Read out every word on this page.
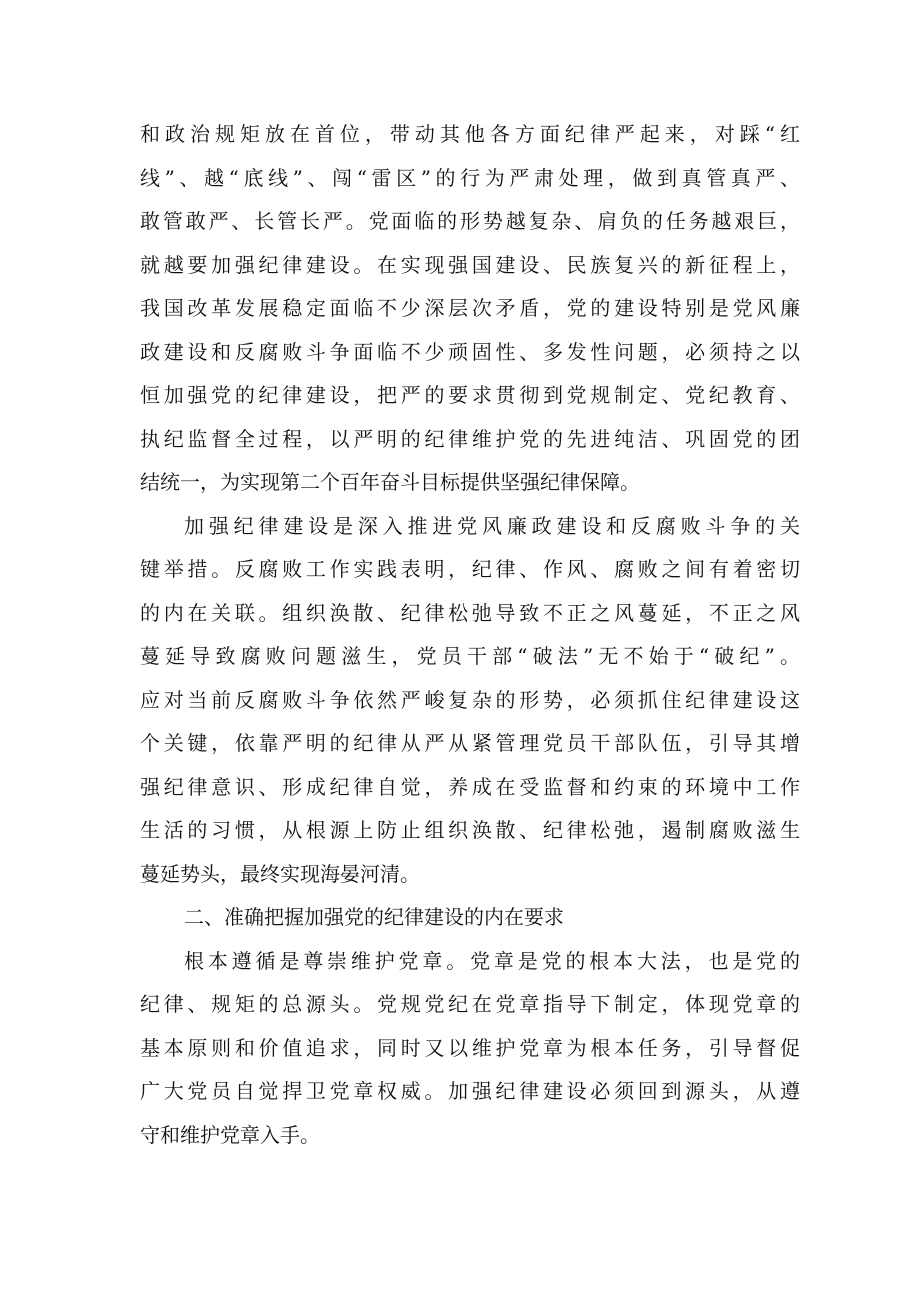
和政治规矩放在首位，带动其他各方面纪律严起来，对踩“红
线”、越“底线”、闯“雷区”的行为严肃处理，做到真管真严、
敢管敢严、长管长严。党面临的形势越复杂、肩负的任务越艰巨，
就越要加强纪律建设。在实现强国建设、民族复兴的新征程上，
我国改革发展稳定面临不少深层次矛盾，党的建设特别是党风廉
政建设和反腐败斗争面临不少顽固性、多发性问题，必须持之以
恒加强党的纪律建设，把严的要求贯彻到党规制定、党纪教育、
执纪监督全过程，以严明的纪律维护党的先进纯洁、巩固党的团
结统一，为实现第二个百年奋斗目标提供坚强纪律保障。
加强纪律建设是深入推进党风廉政建设和反腐败斗争的关
键举措。反腐败工作实践表明，纪律、作风、腐败之间有着密切
的内在关联。组织涣散、纪律松弛导致不正之风蔓延，不正之风
蔓延导致腐败问题滋生，党员干部“破法”无不始于“破纪”。
应对当前反腐败斗争依然严峻复杂的形势，必须抓住纪律建设这
个关键，依靠严明的纪律从严从紧管理党员干部队伍，引导其增
强纪律意识、形成纪律自觉，养成在受监督和约束的环境中工作
生活的习惯，从根源上防止组织涣散、纪律松弛，遏制腐败滋生
蔓延势头，最终实现海晏河清。
二、准确把握加强党的纪律建设的内在要求
根本遵循是尊崇维护党章。党章是党的根本大法，也是党的
纪律、规矩的总源头。党规党纪在党章指导下制定，体现党章的
基本原则和价值追求，同时又以维护党章为根本任务，引导督促
广大党员自觉捍卫党章权威。加强纪律建设必须回到源头，从遵
守和维护党章入手。
